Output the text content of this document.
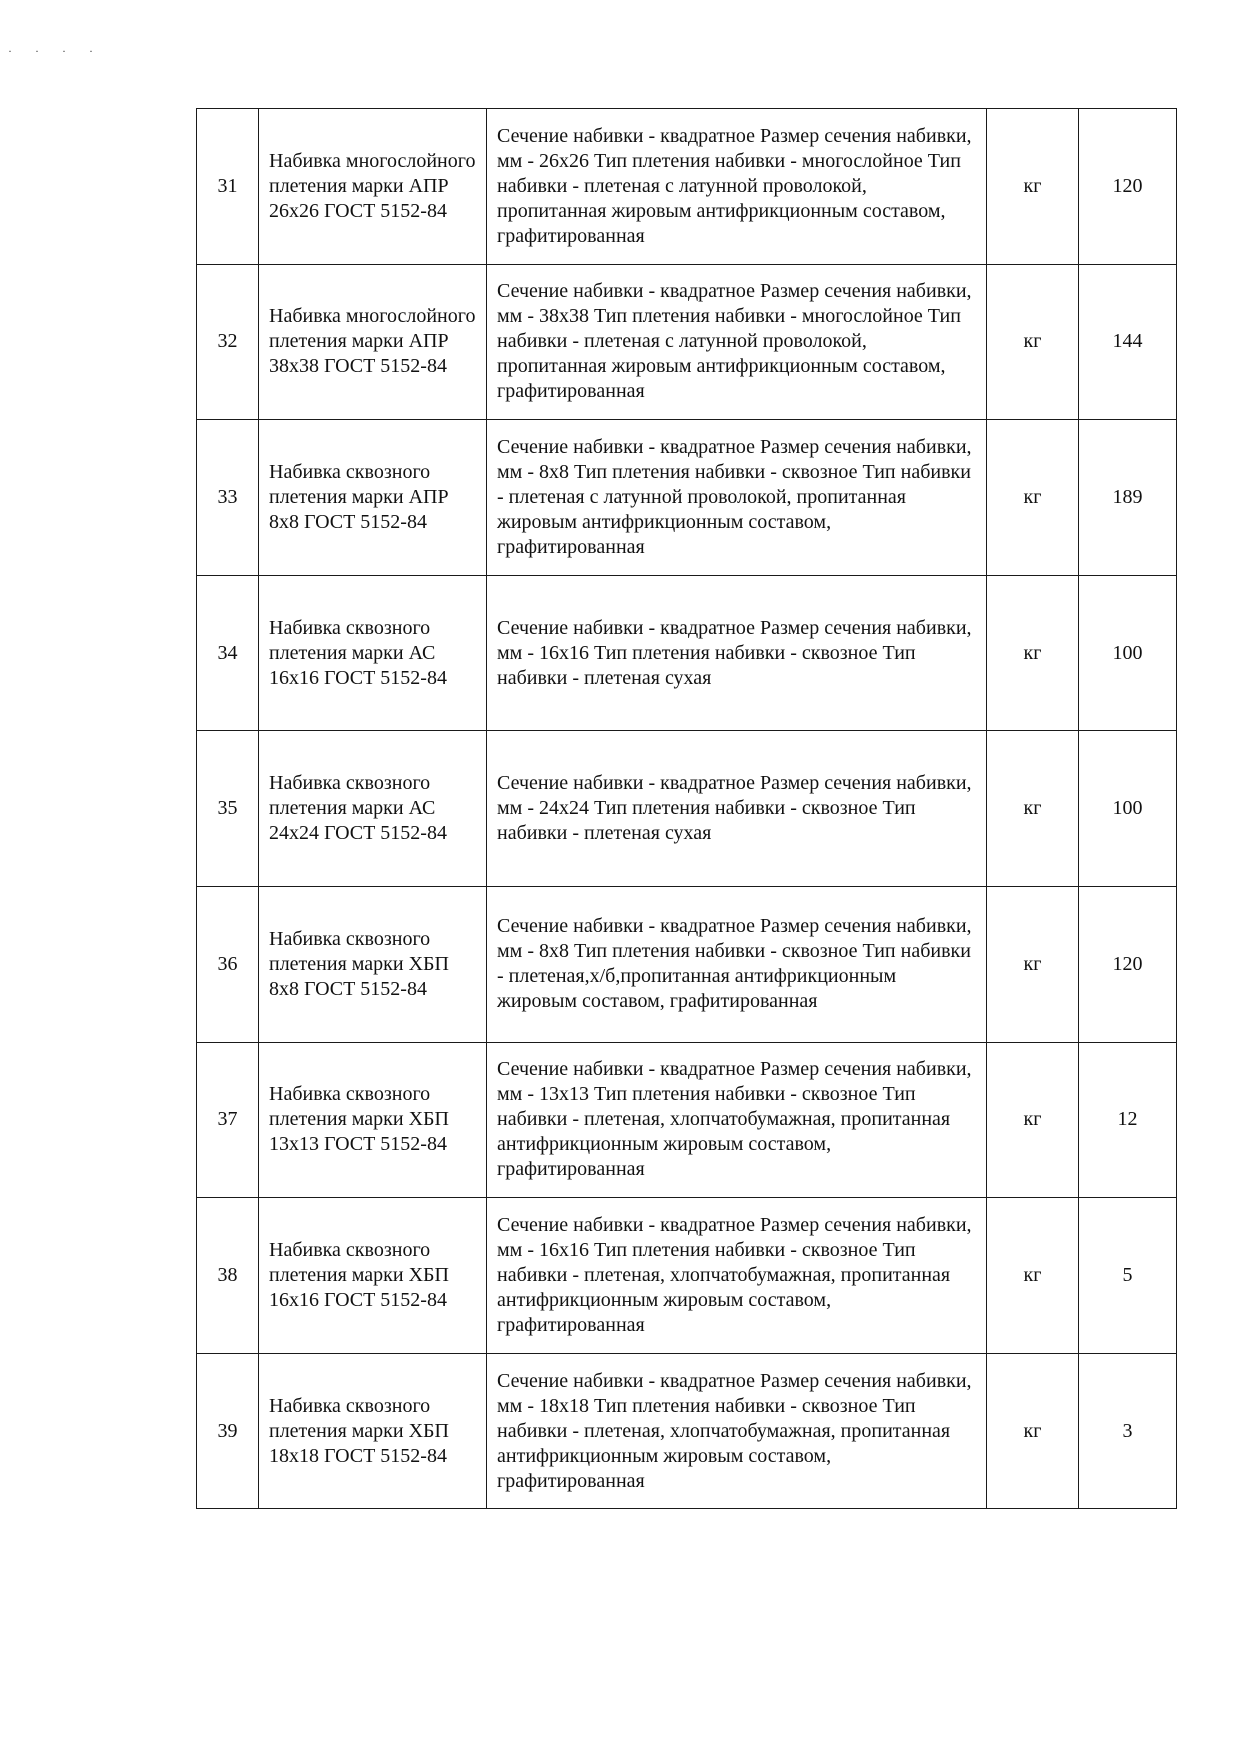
· · · ·
31	Набивка многослойного плетения марки АПР 26х26 ГОСТ 5152-84	Сечение набивки - квадратное Размер сечения набивки, мм - 26х26 Тип плетения набивки - многослойное Тип набивки - плетеная с латунной проволокой, пропитанная жировым антифрикционным составом, графитированная	кг	120
32	Набивка многослойного плетения марки АПР 38х38 ГОСТ 5152-84	Сечение набивки - квадратное Размер сечения набивки, мм - 38х38 Тип плетения набивки - многослойное Тип набивки - плетеная с латунной проволокой, пропитанная жировым антифрикционным составом, графитированная	кг	144
33	Набивка сквозного плетения марки АПР 8х8 ГОСТ 5152-84	Сечение набивки - квадратное Размер сечения набивки, мм - 8х8 Тип плетения набивки - сквозное Тип набивки - плетеная с латунной проволокой, пропитанная жировым антифрикционным составом, графитированная	кг	189
34	Набивка сквозного плетения марки АС 16х16 ГОСТ 5152-84	Сечение набивки - квадратное Размер сечения набивки, мм - 16х16 Тип плетения набивки - сквозное Тип набивки - плетеная сухая	кг	100
35	Набивка сквозного плетения марки АС 24х24 ГОСТ 5152-84	Сечение набивки - квадратное Размер сечения набивки, мм - 24х24 Тип плетения набивки - сквозное Тип набивки - плетеная сухая	кг	100
36	Набивка сквозного плетения марки ХБП 8х8 ГОСТ 5152-84	Сечение набивки - квадратное Размер сечения набивки, мм - 8х8 Тип плетения набивки - сквозное Тип набивки - плетеная,х/б,пропитанная антифрикционным жировым составом, графитированная	кг	120
37	Набивка сквозного плетения марки ХБП 13х13 ГОСТ 5152-84	Сечение набивки - квадратное Размер сечения набивки, мм - 13х13 Тип плетения набивки - сквозное Тип набивки - плетеная, хлопчатобумажная, пропитанная антифрикционным жировым составом, графитированная	кг	12
38	Набивка сквозного плетения марки ХБП 16х16 ГОСТ 5152-84	Сечение набивки - квадратное Размер сечения набивки, мм - 16х16 Тип плетения набивки - сквозное Тип набивки - плетеная, хлопчатобумажная, пропитанная антифрикционным жировым составом, графитированная	кг	5
39	Набивка сквозного плетения марки ХБП 18х18 ГОСТ 5152-84	Сечение набивки - квадратное Размер сечения набивки, мм - 18х18 Тип плетения набивки - сквозное Тип набивки - плетеная, хлопчатобумажная, пропитанная антифрикционным жировым составом, графитированная	кг	3
